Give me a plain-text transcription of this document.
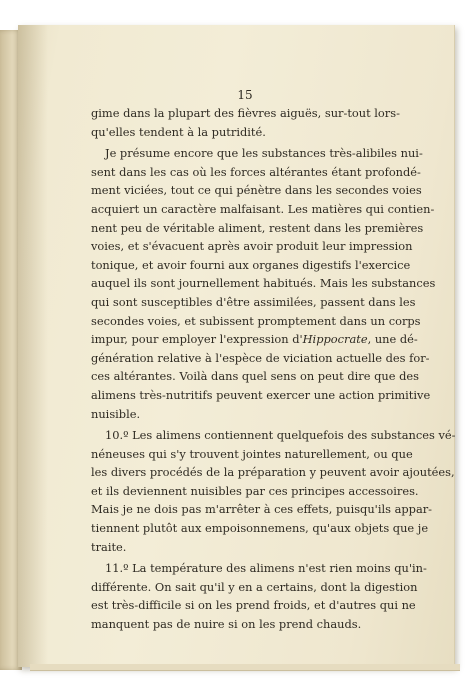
15
gime dans la plupart des fièvres aiguës, sur-tout lors-
qu'elles tendent à la putridité.
Je présume encore que les substances très-alibiles nui-
sent dans les cas où les forces altérantes étant profondé-
ment viciées, tout ce qui pénètre dans les secondes voies
acquiert un caractère malfaisant. Les matières qui contien-
nent peu de véritable aliment, restent dans les premières
voies, et s'évacuent après avoir produit leur impression
tonique, et avoir fourni aux organes digestifs l'exercice
auquel ils sont journellement habitués. Mais les substances
qui sont susceptibles d'être assimilées, passent dans les
secondes voies, et subissent promptement dans un corps
impur, pour employer l'expression d'Hippocrate, une dé-
génération relative à l'espèce de viciation actuelle des for-
ces altérantes. Voilà dans quel sens on peut dire que des
alimens très-nutritifs peuvent exercer une action primitive
nuisible.
10.º Les alimens contiennent quelquefois des substances vé-
néneuses qui s'y trouvent jointes naturellement, ou que
les divers procédés de la préparation y peuvent avoir ajoutées,
et ils deviennent nuisibles par ces principes accessoires.
Mais je ne dois pas m'arrêter à ces effets, puisqu'ils appar-
tiennent plutôt aux empoisonnemens, qu'aux objets que je
traite.
11.º La température des alimens n'est rien moins qu'in-
différente. On sait qu'il y en a certains, dont la digestion
est très-difficile si on les prend froids, et d'autres qui ne
manquent pas de nuire si on les prend chauds.
